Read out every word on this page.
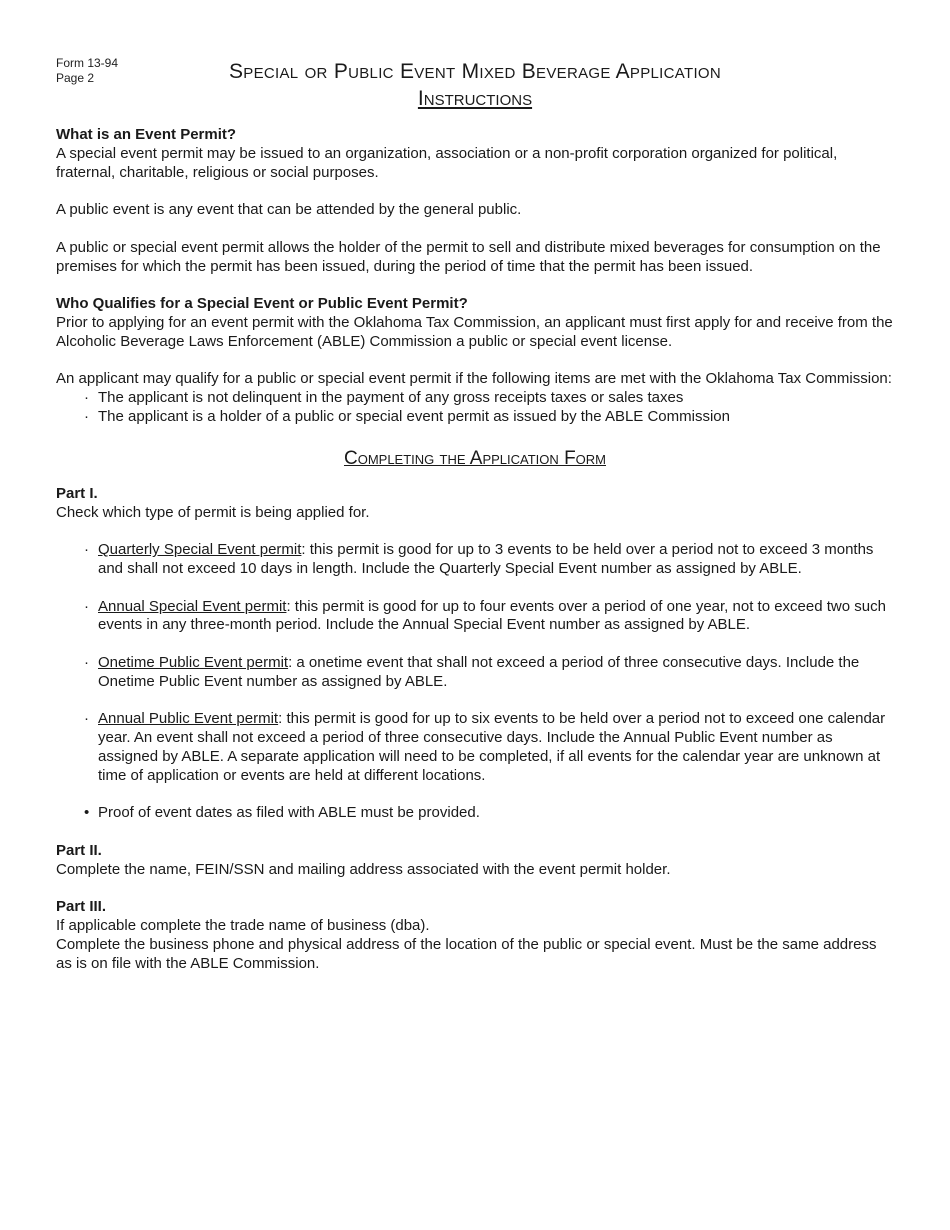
Form 13-94
Page 2	Special or Public Event Mixed Beverage Application
Instructions

What is an Event Permit?

A special event permit may be issued to an organization, association or a non-profit corporation organized for political, fraternal, charitable, religious or social purposes.

A public event is any event that can be attended by the general public.

A public or special event permit allows the holder of the permit to sell and distribute mixed beverages for consumption on the premises for which the permit has been issued, during the period of time that the permit has been issued.

Who Qualifies for a Special Event or Public Event Permit?

Prior to applying for an event permit with the Oklahoma Tax Commission, an applicant must first apply for and receive from the Alcoholic Beverage Laws Enforcement (ABLE) Commission a public or special event license.

An applicant may qualify for a public or special event permit if the following items are met with the Oklahoma Tax Commission:

· The applicant is not delinquent in the payment of any gross receipts taxes or sales taxes
· The applicant is a holder of a public or special event permit as issued by the ABLE Commission
Completing the Application Form

Part I.

Check which type of permit is being applied for.

· Quarterly Special Event permit: this permit is good for up to 3 events to be held over a period not to exceed 3 months and shall not exceed 10 days in length. Include the Quarterly Special Event number as assigned by ABLE.
· Annual Special Event permit: this permit is good for up to four events over a period of one year, not to exceed two such events in any three-month period. Include the Annual Special Event number as assigned by ABLE.
· Onetime Public Event permit: a onetime event that shall not exceed a period of three consecutive days. Include the Onetime Public Event number as assigned by ABLE.
· Annual Public Event permit: this permit is good for up to six events to be held over a period not to exceed one calendar year. An event shall not exceed a period of three consecutive days. Include the Annual Public Event number as assigned by ABLE. A separate application will need to be completed, if all events for the calendar year are unknown at time of application or events are held at different locations.
• Proof of event dates as filed with ABLE must be provided.

Part II.

Complete the name, FEIN/SSN and mailing address associated with the event permit holder.

Part III.

If applicable complete the trade name of business (dba).

Complete the business phone and physical address of the location of the public or special event. Must be the same address as is on file with the ABLE Commission.
